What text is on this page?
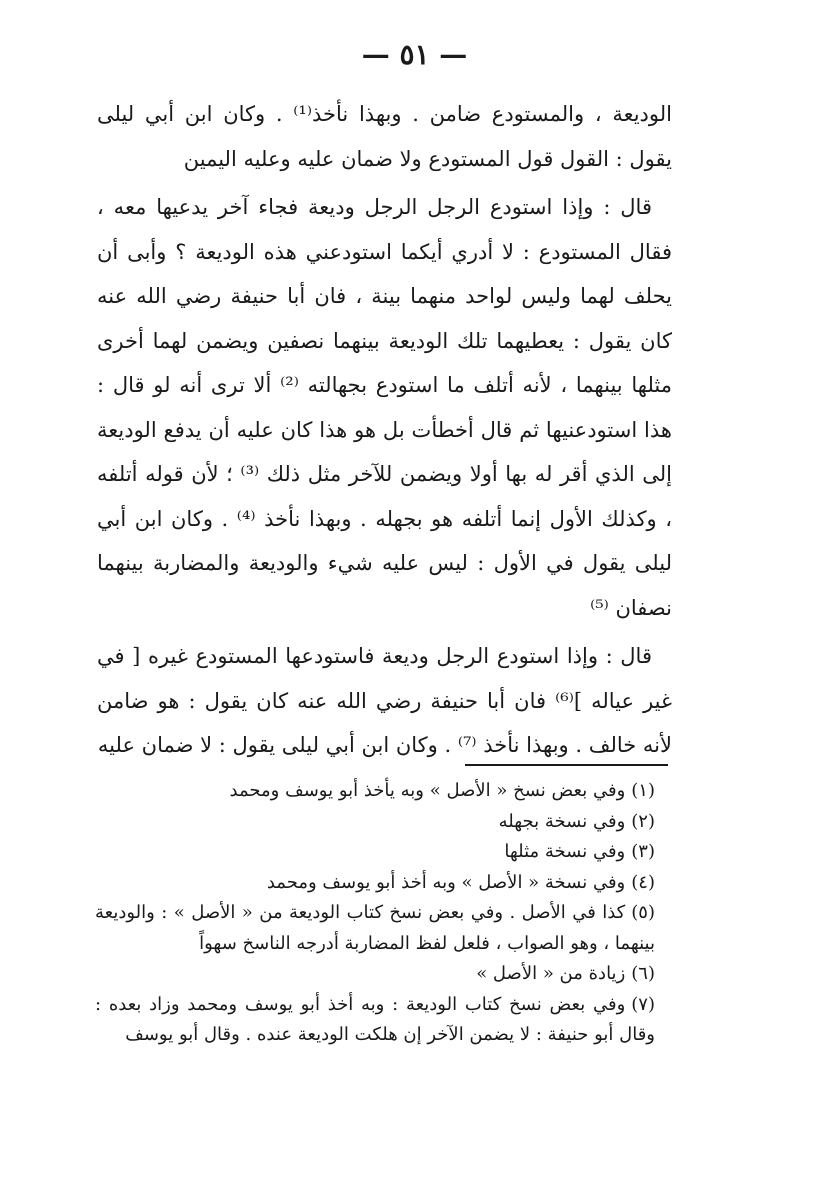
— ٥١ —

الوديعة ، والمستودع ضامن . وبهذا نأخذ⁽¹⁾ . وكان ابن أبي ليلى يقول : القول قول المستودع ولا ضمان عليه وعليه اليمين

قال : وإذا استودع الرجل الرجل وديعة فجاء آخر يدعيها معه ، فقال المستودع : لا أدري أيكما استودعني هذه الوديعة ؟ وأبى أن يحلف لهما وليس لواحد منهما بينة ، فان أبا حنيفة رضي الله عنه كان يقول : يعطيهما تلك الوديعة بينهما نصفين ويضمن لهما أخرى مثلها بينهما ، لأنه أتلف ما استودع بجهالته ⁽²⁾ ألا ترى أنه لو قال : هذا استودعنيها ثم قال أخطأت بل هو هذا كان عليه أن يدفع الوديعة إلى الذي أقر له بها أولا ويضمن للآخر مثل ذلك ⁽³⁾ ؛ لأن قوله أتلفه ، وكذلك الأول إنما أتلفه هو بجهله . وبهذا نأخذ ⁽⁴⁾ . وكان ابن أبي ليلى يقول في الأول : ليس عليه شيء والوديعة والمضاربة بينهما نصفان ⁽⁵⁾

قال : وإذا استودع الرجل وديعة فاستودعها المستودع غيره [ في غير عياله ]⁽⁶⁾ فان أبا حنيفة رضي الله عنه كان يقول : هو ضامن لأنه خالف . وبهذا نأخذ ⁽⁷⁾ . وكان ابن أبي ليلى يقول : لا ضمان عليه

(١)وفي بعض نسخ « الأصل » وبه يأخذ أبو يوسف ومحمد

(٢)وفي نسخة بجهله

(٣)وفي نسخة مثلها

(٤)وفي نسخة « الأصل » وبه أخذ أبو يوسف ومحمد

(٥)كذا في الأصل . وفي بعض نسخ كتاب الوديعة من « الأصل » : والوديعة بينهما ، وهو الصواب ، فلعل لفظ المضاربة أدرجه الناسخ سهواً

(٦)زيادة من « الأصل »

(٧)وفي بعض نسخ كتاب الوديعة : وبه أخذ أبو يوسف ومحمد وزاد بعده : وقال أبو حنيفة : لا يضمن الآخر إن هلكت الوديعة عنده . وقال أبو يوسف
